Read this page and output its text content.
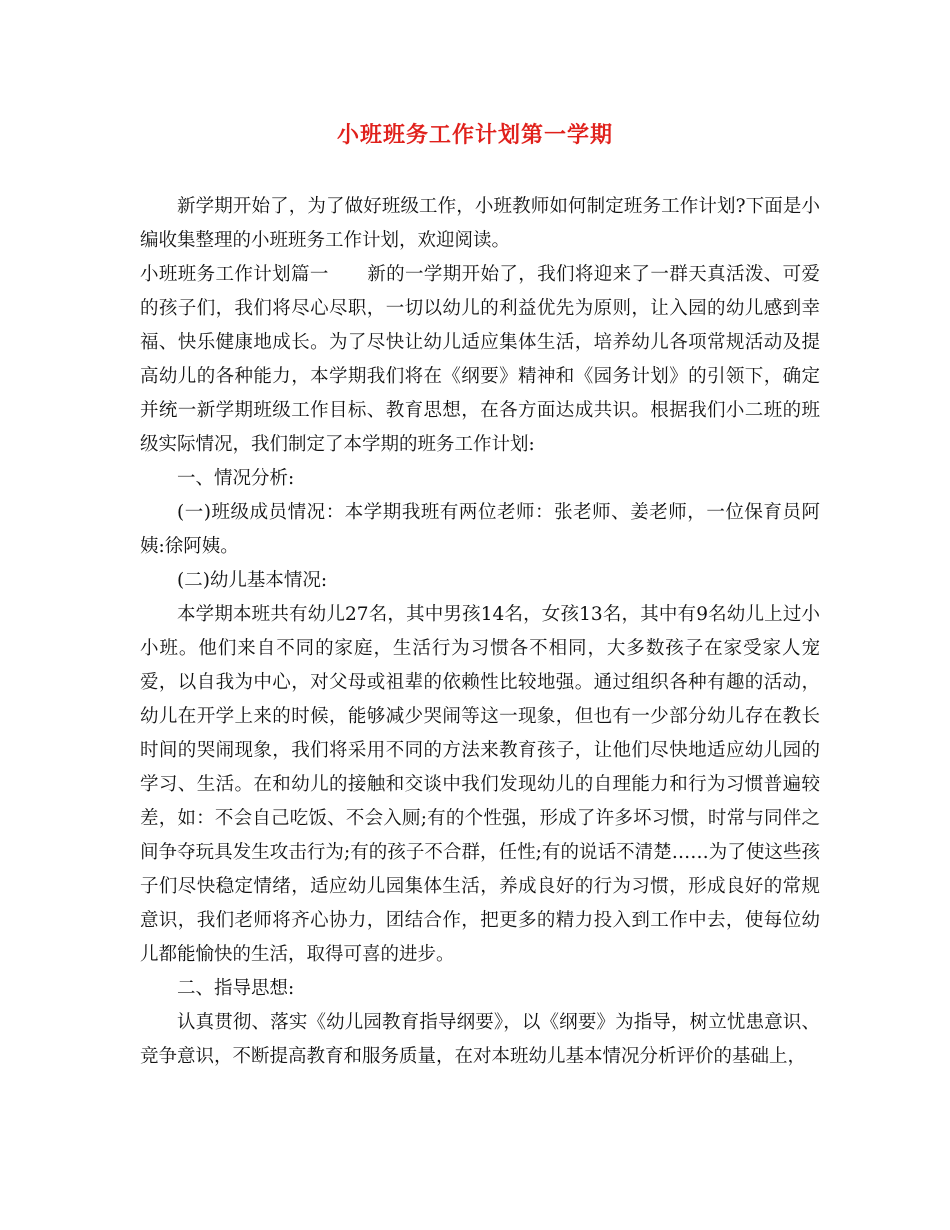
小班班务工作计划第一学期

新学期开始了，为了做好班级工作，小班教师如何制定班务工作计划?下面是小编收集整理的小班班务工作计划，欢迎阅读。

小班班务工作计划篇一 新的一学期开始了，我们将迎来了一群天真活泼、可爱的孩子们，我们将尽心尽职，一切以幼儿的利益优先为原则，让入园的幼儿感到幸福、快乐健康地成长。为了尽快让幼儿适应集体生活，培养幼儿各项常规活动及提高幼儿的各种能力，本学期我们将在《纲要》精神和《园务计划》的引领下，确定并统一新学期班级工作目标、教育思想，在各方面达成共识。根据我们小二班的班级实际情况，我们制定了本学期的班务工作计划:

一、情况分析:

(一)班级成员情况：本学期我班有两位老师：张老师、姜老师，一位保育员阿姨:徐阿姨。

(二)幼儿基本情况:

本学期本班共有幼儿27名，其中男孩14名，女孩13名，其中有9名幼儿上过小小班。他们来自不同的家庭，生活行为习惯各不相同，大多数孩子在家受家人宠爱，以自我为中心，对父母或祖辈的依赖性比较地强。通过组织各种有趣的活动，幼儿在开学上来的时候，能够减少哭闹等这一现象，但也有一少部分幼儿存在教长时间的哭闹现象，我们将采用不同的方法来教育孩子，让他们尽快地适应幼儿园的学习、生活。在和幼儿的接触和交谈中我们发现幼儿的自理能力和行为习惯普遍较差，如：不会自己吃饭、不会入厕;有的个性强，形成了许多坏习惯，时常与同伴之间争夺玩具发生攻击行为;有的孩子不合群，任性;有的说话不清楚……为了使这些孩子们尽快稳定情绪，适应幼儿园集体生活，养成良好的行为习惯，形成良好的常规意识，我们老师将齐心协力，团结合作，把更多的精力投入到工作中去，使每位幼儿都能愉快的生活，取得可喜的进步。

二、指导思想:

认真贯彻、落实《幼儿园教育指导纲要》，以《纲要》为指导，树立忧患意识、竞争意识，不断提高教育和服务质量，在对本班幼儿基本情况分析评价的基础上，
